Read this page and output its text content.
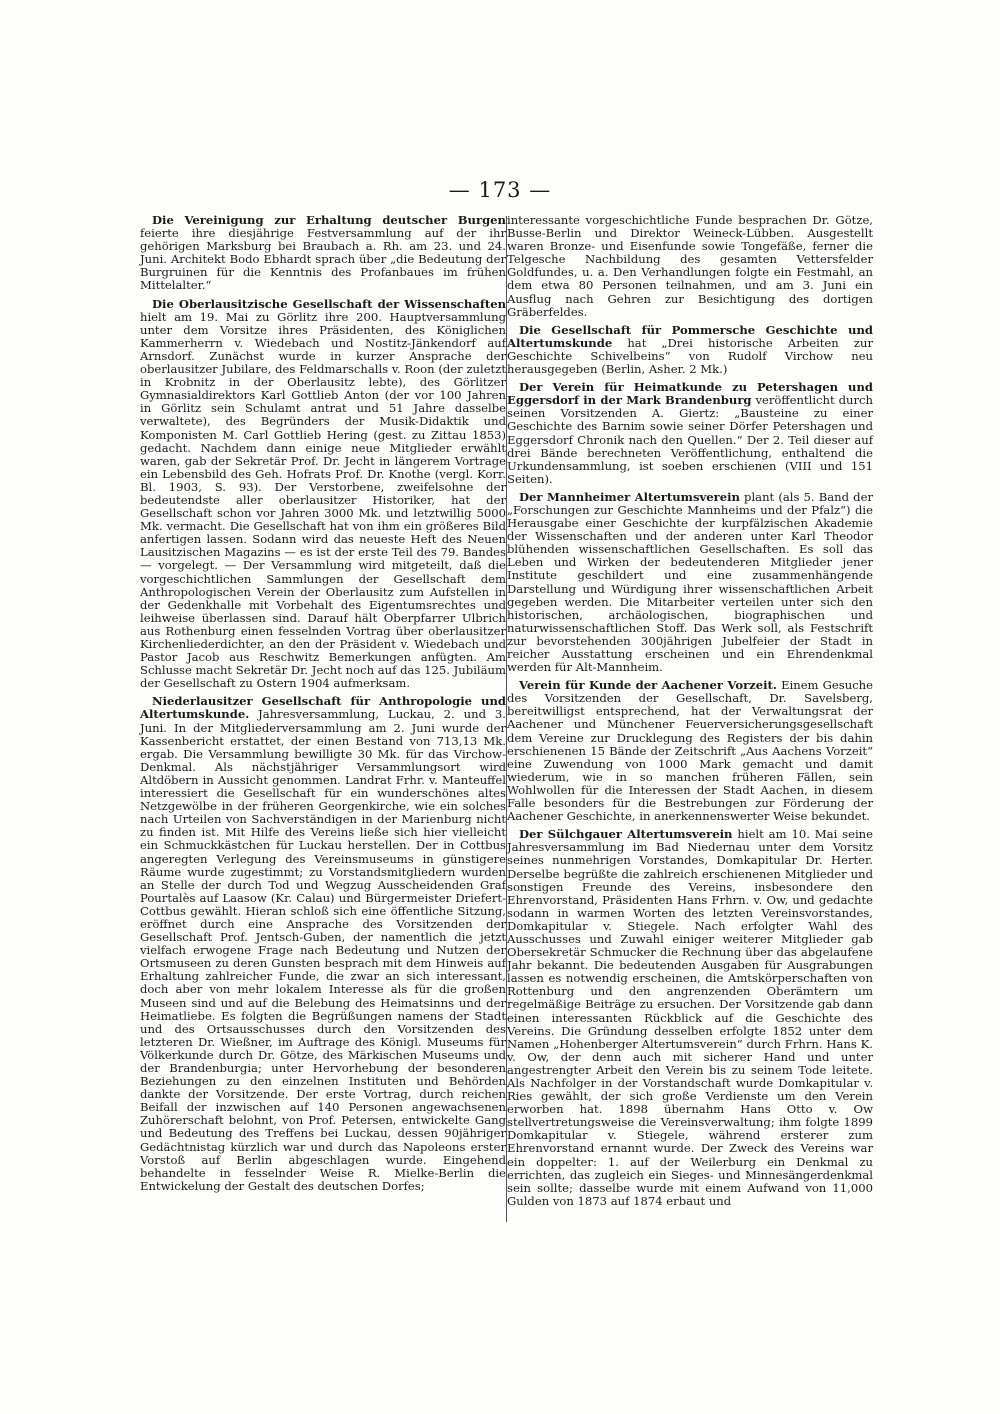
— 173 —

Die Vereinigung zur Erhaltung deutscher Burgen feierte ihre diesjährige Festversammlung auf der ihr gehörigen Marksburg bei Braubach a. Rh. am 23. und 24. Juni. Architekt Bodo Ebhardt sprach über „die Bedeutung der Burgruinen für die Kenntnis des Profanbaues im frühen Mittelalter.“

Die Oberlausitzische Gesellschaft der Wissenschaften hielt am 19. Mai zu Görlitz ihre 200. Hauptversammlung unter dem Vorsitze ihres Präsidenten, des Königlichen Kammerherrn v. Wiedebach und Nostitz-Jänkendorf auf Arnsdorf. Zunächst wurde in kurzer Ansprache der oberlausitzer Jubilare, des Feldmarschalls v. Roon (der zuletzt in Krobnitz in der Oberlausitz lebte), des Görlitzer Gymnasialdirektors Karl Gottlieb Anton (der vor 100 Jahren in Görlitz sein Schulamt antrat und 51 Jahre dasselbe verwaltete), des Begründers der Musik-Didaktik und Komponisten M. Carl Gottlieb Hering (gest. zu Zittau 1853) gedacht. Nachdem dann einige neue Mitglieder erwählt waren, gab der Sekretär Prof. Dr. Jecht in längerem Vortrage ein Lebensbild des Geh. Hofrats Prof. Dr. Knothe (vergl. Korr. Bl. 1903, S. 93). Der Verstorbene, zweifelsohne der bedeutendste aller oberlausitzer Historiker, hat der Gesellschaft schon vor Jahren 3000 Mk. und letztwillig 5000 Mk. vermacht. Die Gesellschaft hat von ihm ein größeres Bild anfertigen lassen. Sodann wird das neueste Heft des Neuen Lausitzischen Magazins — es ist der erste Teil des 79. Bandes — vorgelegt. — Der Versammlung wird mitgeteilt, daß die vorgeschichtlichen Sammlungen der Gesellschaft dem Anthropologischen Verein der Oberlausitz zum Aufstellen in der Gedenkhalle mit Vorbehalt des Eigentumsrechtes und leihweise überlassen sind. Darauf hält Oberpfarrer Ulbrich aus Rothenburg einen fesselnden Vortrag über oberlausitzer Kirchenliederdichter, an den der Präsident v. Wiedebach und Pastor Jacob aus Reschwitz Bemerkungen anfügten. Am Schlusse macht Sekretär Dr. Jecht noch auf das 125. Jubiläum der Gesellschaft zu Ostern 1904 aufmerksam.

Niederlausitzer Gesellschaft für Anthropologie und Altertumskunde. Jahresversammlung, Luckau, 2. und 3. Juni. In der Mitgliederversammlung am 2. Juni wurde der Kassenbericht erstattet, der einen Bestand von 713,13 Mk. ergab. Die Versammlung bewilligte 30 Mk. für das Virchow-Denkmal. Als nächstjähriger Versammlungsort wird Altdöbern in Aussicht genommen. Landrat Frhr. v. Manteuffel interessiert die Gesellschaft für ein wunderschönes altes Netzgewölbe in der früheren Georgenkirche, wie ein solches nach Urteilen von Sachverständigen in der Marienburg nicht zu finden ist. Mit Hilfe des Vereins ließe sich hier vielleicht ein Schmuckkästchen für Luckau herstellen. Der in Cottbus angeregten Verlegung des Vereinsmuseums in günstigere Räume wurde zugestimmt; zu Vorstandsmitgliedern wurden an Stelle der durch Tod und Wegzug Ausscheidenden Graf Pourtalès auf Laasow (Kr. Calau) und Bürgermeister Driefert-Cottbus gewählt. Hieran schloß sich eine öffentliche Sitzung, eröffnet durch eine Ansprache des Vorsitzenden der Gesellschaft Prof. Jentsch-Guben, der namentlich die jetzt vielfach erwogene Frage nach Bedeutung und Nutzen der Ortsmuseen zu deren Gunsten besprach mit dem Hinweis auf Erhaltung zahlreicher Funde, die zwar an sich interessant, doch aber von mehr lokalem Interesse als für die großen Museen sind und auf die Belebung des Heimatsinns und der Heimatliebe. Es folgten die Begrüßungen namens der Stadt und des Ortsausschusses durch den Vorsitzenden des letzteren Dr. Wießner, im Auftrage des Königl. Museums für Völkerkunde durch Dr. Götze, des Märkischen Museums und der Brandenburgia; unter Hervorhebung der besonderen Beziehungen zu den einzelnen Instituten und Behörden dankte der Vorsitzende. Der erste Vortrag, durch reichen Beifall der inzwischen auf 140 Personen angewachsenen Zuhörerschaft belohnt, von Prof. Petersen, entwickelte Gang und Bedeutung des Treffens bei Luckau, dessen 90jähriger Gedächtnistag kürzlich war und durch das Napoleons erster Vorstoß auf Berlin abgeschlagen wurde. Eingehend behandelte in fesselnder Weise R. Mielke-Berlin die Entwickelung der Gestalt des deutschen Dorfes;

interessante vorgeschichtliche Funde besprachen Dr. Götze, Busse-Berlin und Direktor Weineck-Lübben. Ausgestellt waren Bronze- und Eisenfunde sowie Tongefäße, ferner die Telgesche Nachbildung des gesamten Vettersfelder Goldfundes, u. a. Den Verhandlungen folgte ein Festmahl, an dem etwa 80 Personen teilnahmen, und am 3. Juni ein Ausflug nach Gehren zur Besichtigung des dortigen Gräberfeldes.

Die Gesellschaft für Pommersche Geschichte und Altertumskunde hat „Drei historische Arbeiten zur Geschichte Schivelbeins“ von Rudolf Virchow neu herausgegeben (Berlin, Asher. 2 Mk.)

Der Verein für Heimatkunde zu Petershagen und Eggersdorf in der Mark Brandenburg veröffentlicht durch seinen Vorsitzenden A. Giertz: „Bausteine zu einer Geschichte des Barnim sowie seiner Dörfer Petershagen und Eggersdorf Chronik nach den Quellen.“ Der 2. Teil dieser auf drei Bände berechneten Veröffentlichung, enthaltend die Urkundensammlung, ist soeben erschienen (VIII und 151 Seiten).

Der Mannheimer Altertumsverein plant (als 5. Band der „Forschungen zur Geschichte Mannheims und der Pfalz“) die Herausgabe einer Geschichte der kurpfälzischen Akademie der Wissenschaften und der anderen unter Karl Theodor blühenden wissenschaftlichen Gesellschaften. Es soll das Leben und Wirken der bedeutenderen Mitglieder jener Institute geschildert und eine zusammenhängende Darstellung und Würdigung ihrer wissenschaftlichen Arbeit gegeben werden. Die Mitarbeiter verteilen unter sich den historischen, archäologischen, biographischen und naturwissenschaftlichen Stoff. Das Werk soll, als Festschrift zur bevorstehenden 300jährigen Jubelfeier der Stadt in reicher Ausstattung erscheinen und ein Ehrendenkmal werden für Alt-Mannheim.

Verein für Kunde der Aachener Vorzeit. Einem Gesuche des Vorsitzenden der Gesellschaft, Dr. Savelsberg, bereitwilligst entsprechend, hat der Verwaltungsrat der Aachener und Münchener Feuerversicherungsgesellschaft dem Vereine zur Drucklegung des Registers der bis dahin erschienenen 15 Bände der Zeitschrift „Aus Aachens Vorzeit“ eine Zuwendung von 1000 Mark gemacht und damit wiederum, wie in so manchen früheren Fällen, sein Wohlwollen für die Interessen der Stadt Aachen, in diesem Falle besonders für die Bestrebungen zur Förderung der Aachener Geschichte, in anerkennenswerter Weise bekundet.

Der Sülchgauer Altertumsverein hielt am 10. Mai seine Jahresversammlung im Bad Niedernau unter dem Vorsitz seines nunmehrigen Vorstandes, Domkapitular Dr. Herter. Derselbe begrüßte die zahlreich erschienenen Mitglieder und sonstigen Freunde des Vereins, insbesondere den Ehrenvorstand, Präsidenten Hans Frhrn. v. Ow, und gedachte sodann in warmen Worten des letzten Vereinsvorstandes, Domkapitular v. Stiegele. Nach erfolgter Wahl des Ausschusses und Zuwahl einiger weiterer Mitglieder gab Obersekretär Schmucker die Rechnung über das abgelaufene Jahr bekannt. Die bedeutenden Ausgaben für Ausgrabungen lassen es notwendig erscheinen, die Amtskörperschaften von Rottenburg und den angrenzenden Oberämtern um regelmäßige Beiträge zu ersuchen. Der Vorsitzende gab dann einen interessanten Rückblick auf die Geschichte des Vereins. Die Gründung desselben erfolgte 1852 unter dem Namen „Hohenberger Altertumsverein“ durch Frhrn. Hans K. v. Ow, der denn auch mit sicherer Hand und unter angestrengter Arbeit den Verein bis zu seinem Tode leitete. Als Nachfolger in der Vorstandschaft wurde Domkapitular v. Ries gewählt, der sich große Verdienste um den Verein erworben hat. 1898 übernahm Hans Otto v. Ow stellvertretungsweise die Vereinsverwaltung; ihm folgte 1899 Domkapitular v. Stiegele, während ersterer zum Ehrenvorstand ernannt wurde. Der Zweck des Vereins war ein doppelter: 1. auf der Weilerburg ein Denkmal zu errichten, das zugleich ein Sieges- und Minnesängerdenkmal sein sollte; dasselbe wurde mit einem Aufwand von 11,000 Gulden von 1873 auf 1874 erbaut und
